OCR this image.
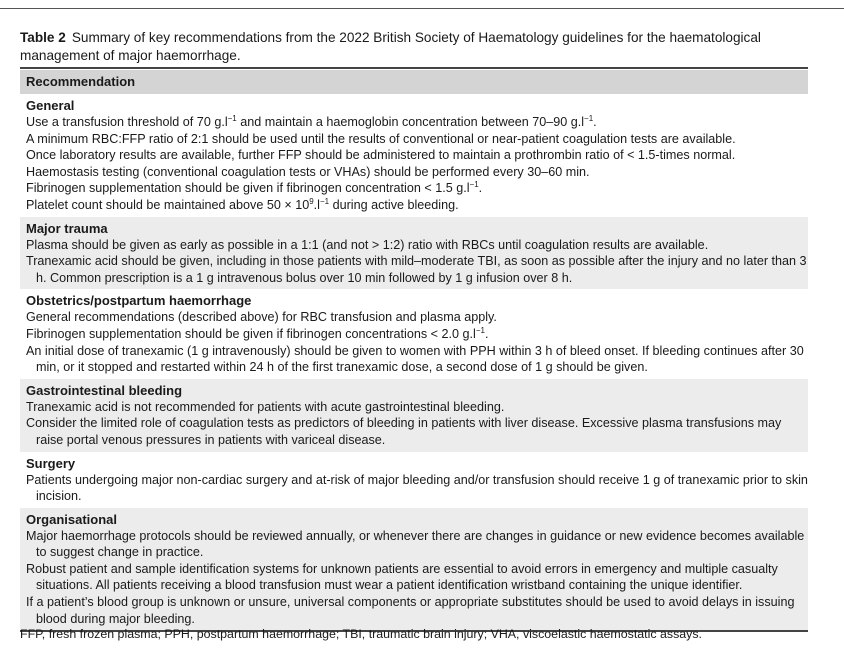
Table 2 Summary of key recommendations from the 2022 British Society of Haematology guidelines for the haematological management of major haemorrhage.
Recommendation
General
Use a transfusion threshold of 70 $g.l^{-1}$ and maintain a haemoglobin concentration between 70–90 $g.l^{-1}$.
A minimum RBC:FFP ratio of 2:1 should be used until the results of conventional or near-patient coagulation tests are available.
Once laboratory results are available, further FFP should be administered to maintain a prothrombin ratio of < 1.5-times normal.
Haemostasis testing (conventional coagulation tests or VHAs) should be performed every 30–60 min.
Fibrinogen supplementation should be given if fibrinogen concentration < 1.5 $g.l^{-1}$.
Platelet count should be maintained above $50 \times 10^9.l^{-1}$ during active bleeding.
Major trauma
Plasma should be given as early as possible in a 1:1 (and not > 1:2) ratio with RBCs until coagulation results are available.
Tranexamic acid should be given, including in those patients with mild–moderate TBI, as soon as possible after the injury and no later than 3 h. Common prescription is a 1 g intravenous bolus over 10 min followed by 1 g infusion over 8 h.
Obstetrics/postpartum haemorrhage
General recommendations (described above) for RBC transfusion and plasma apply.
Fibrinogen supplementation should be given if fibrinogen concentrations < 2.0 $g.l^{-1}$.
An initial dose of tranexamic (1 g intravenously) should be given to women with PPH within 3 h of bleed onset. If bleeding continues after 30 min, or it stopped and restarted within 24 h of the first tranexamic dose, a second dose of 1 g should be given.
Gastrointestinal bleeding
Tranexamic acid is not recommended for patients with acute gastrointestinal bleeding.
Consider the limited role of coagulation tests as predictors of bleeding in patients with liver disease. Excessive plasma transfusions may raise portal venous pressures in patients with variceal disease.
Surgery
Patients undergoing major non-cardiac surgery and at-risk of major bleeding and/or transfusion should receive 1 g of tranexamic prior to skin incision.
Organisational
Major haemorrhage protocols should be reviewed annually, or whenever there are changes in guidance or new evidence becomes available to suggest change in practice.
Robust patient and sample identification systems for unknown patients are essential to avoid errors in emergency and multiple casualty situations. All patients receiving a blood transfusion must wear a patient identification wristband containing the unique identifier.
If a patient’s blood group is unknown or unsure, universal components or appropriate substitutes should be used to avoid delays in issuing blood during major bleeding.
FFP, fresh frozen plasma; PPH, postpartum haemorrhage; TBI, traumatic brain injury; VHA, viscoelastic haemostatic assays.
